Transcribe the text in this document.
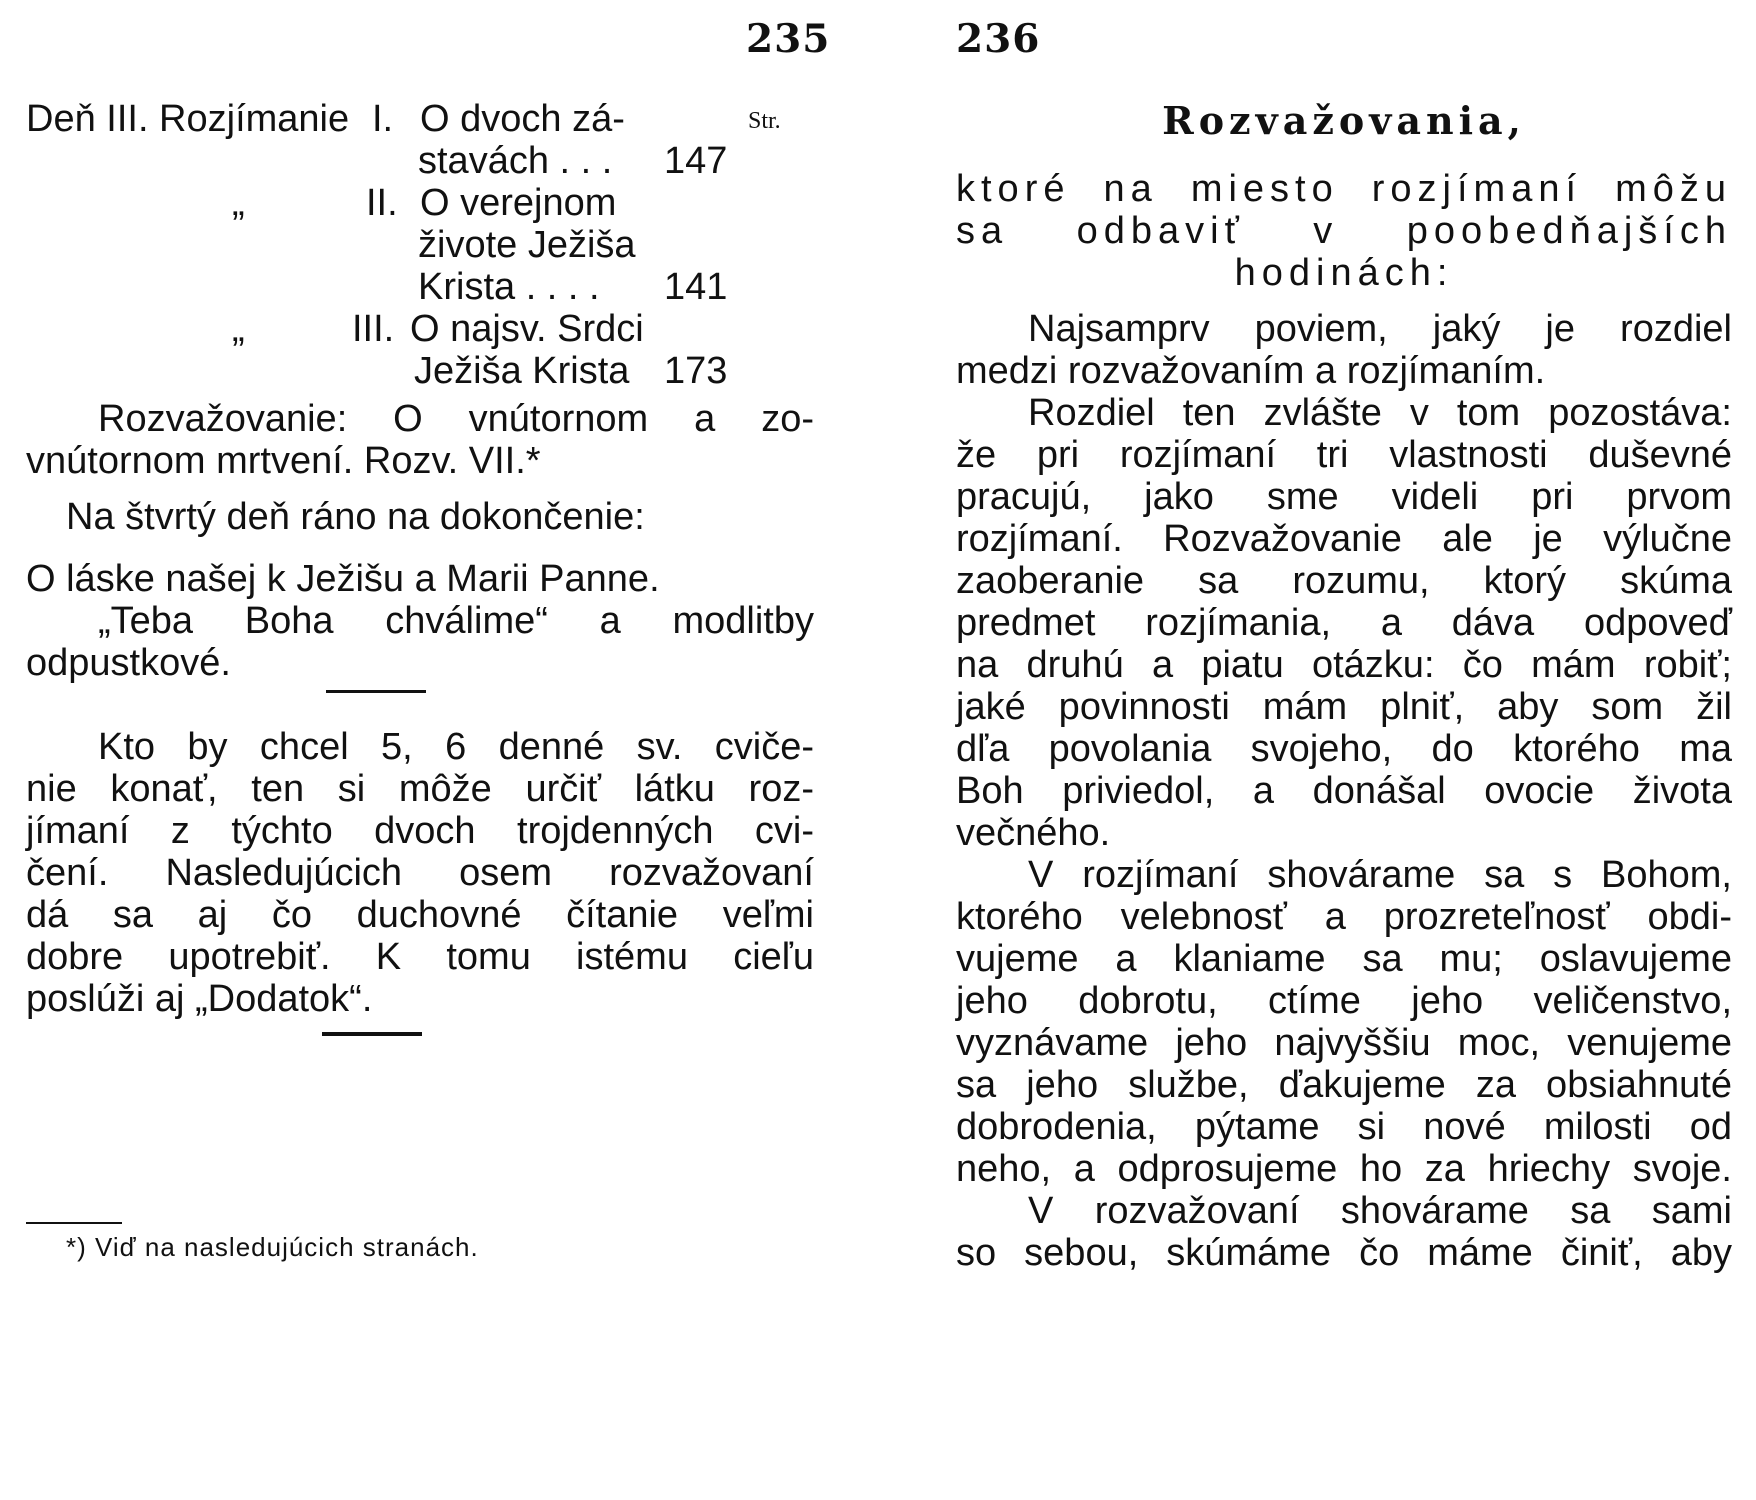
235
Str.
Deň III. Rozjímanie I. O dvoch zá-
stavách . . . 147
„	II. O verejnom
živote Ježiša
Krista . . . . 141
„	III. O najsv. Srdci
Ježiša Krista 173

Rozvažovanie: O vnútornom a zo-

vnútornom mrtvení. Rozv. VII.*

Na štvrtý deň ráno na dokončenie:

O láske našej k Ježišu a Marii Panne.

„Teba Boha chválime“ a modlitby

odpustkové.

Kto by chcel 5, 6 denné sv. cviče-

nie konať, ten si môže určiť látku roz-

jímaní z týchto dvoch trojdenných cvi-

čení. Nasledujúcich osem rozvažovaní

dá sa aj čo duchovné čítanie veľmi

dobre upotrebiť. K tomu istému cieľu

poslúži aj „Dodatok“.

*) Viď na nasledujúcich stranách.
236
Rozvažovania,

ktoré na miesto rozjímaní môžu

sa odbaviť v poobedňajších

hodinách:

Najsamprv poviem, jaký je rozdiel

medzi rozvažovaním a rozjímaním.

Rozdiel ten zvlášte v tom pozostáva:

že pri rozjímaní tri vlastnosti duševné

pracujú, jako sme videli pri prvom

rozjímaní. Rozvažovanie ale je výlučne

zaoberanie sa rozumu, ktorý skúma

predmet rozjímania, a dáva odpoveď

na druhú a piatu otázku: čo mám robiť;

jaké povinnosti mám plniť, aby som žil

dľa povolania svojeho, do ktorého ma

Boh priviedol, a donášal ovocie života

večného.

V rozjímaní shovárame sa s Bohom,

ktorého velebnosť a prozreteľnosť obdi-

vujeme a klaniame sa mu; oslavujeme

jeho dobrotu, ctíme jeho veličenstvo,

vyznávame jeho najvyššiu moc, venujeme

sa jeho službe, ďakujeme za obsiahnuté

dobrodenia, pýtame si nové milosti od

neho, a odprosujeme ho za hriechy svoje.

V rozvažovaní shovárame sa sami

so sebou, skúmáme čo máme činiť, aby
